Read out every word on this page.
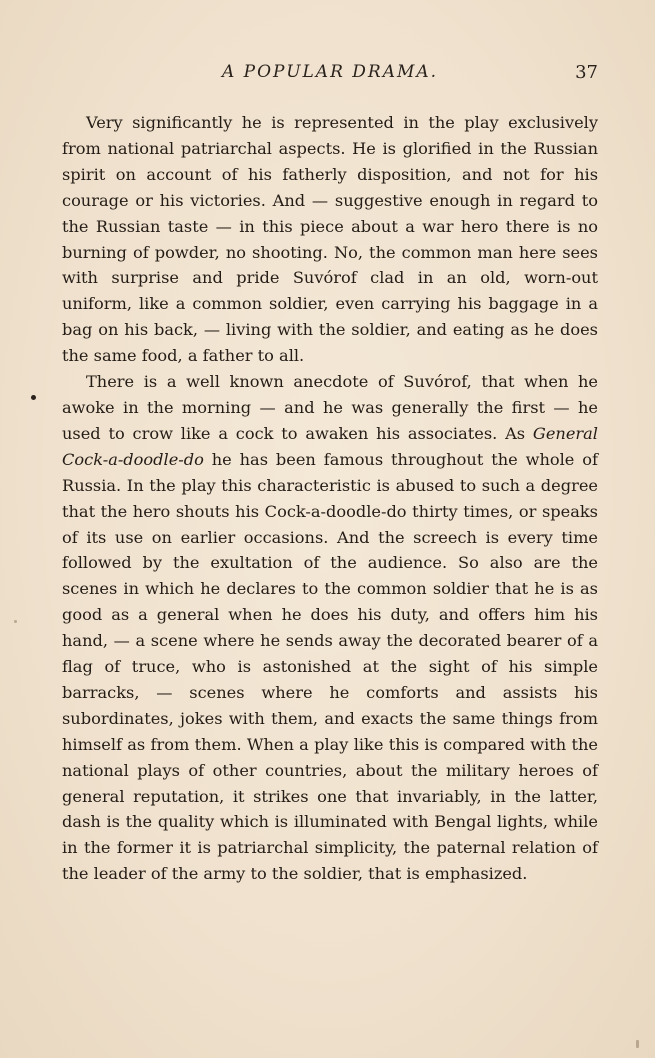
A POPULAR DRAMA.	37

Very significantly he is represented in the play exclusively from national patriarchal aspects. He is glorified in the Russian spirit on account of his fatherly disposition, and not for his courage or his victories. And — suggestive enough in regard to the Russian taste — in this piece about a war hero there is no burning of powder, no shooting. No, the common man here sees with surprise and pride Suvórof clad in an old, worn-out uniform, like a common soldier, even carrying his baggage in a bag on his back, — living with the soldier, and eating as he does the same food, a father to all.

There is a well known anecdote of Suvórof, that when he awoke in the morning — and he was generally the first — he used to crow like a cock to awaken his associates. As General Cock-a-doodle-do he has been famous throughout the whole of Russia. In the play this characteristic is abused to such a degree that the hero shouts his Cock-a-doodle-do thirty times, or speaks of its use on earlier occasions. And the screech is every time followed by the exultation of the audience. So also are the scenes in which he declares to the common soldier that he is as good as a general when he does his duty, and offers him his hand, — a scene where he sends away the decorated bearer of a flag of truce, who is astonished at the sight of his simple barracks, — scenes where he comforts and assists his subordinates, jokes with them, and exacts the same things from himself as from them. When a play like this is compared with the national plays of other countries, about the military heroes of general reputation, it strikes one that invariably, in the latter, dash is the quality which is illuminated with Bengal lights, while in the former it is patriarchal simplicity, the paternal relation of the leader of the army to the soldier, that is emphasized.
